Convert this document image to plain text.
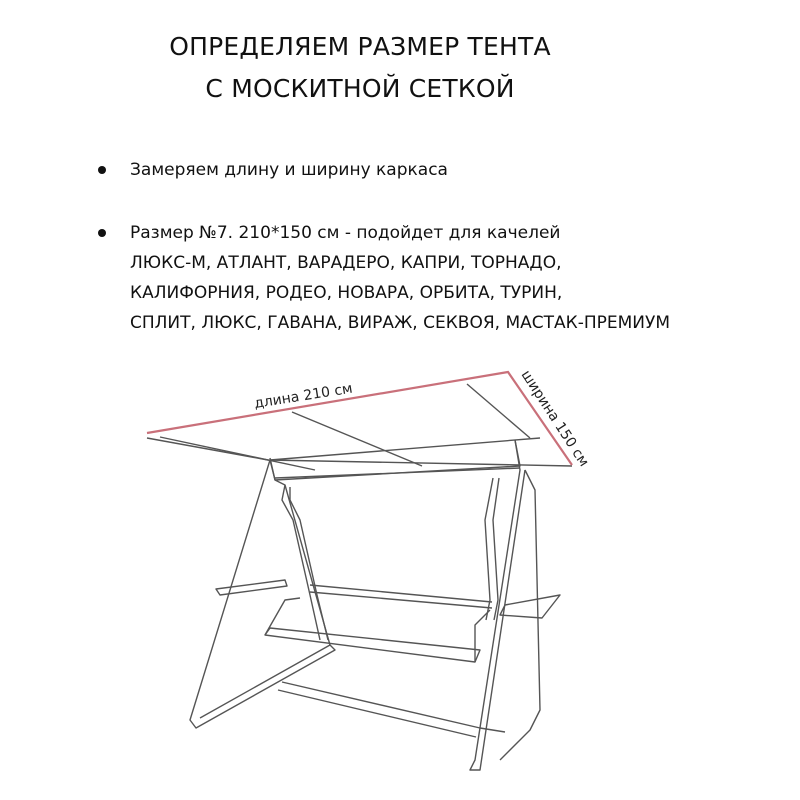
ОПРЕДЕЛЯЕМ РАЗМЕР ТЕНТА
С МОСКИТНОЙ СЕТКОЙ
Замеряем длину и ширину каркаса
Размер №7. 210*150 см - подойдет для качелей
ЛЮКС-М, АТЛАНТ, ВАРАДЕРО, КАПРИ, ТОРНАДО,
КАЛИФОРНИЯ, РОДЕО, НОВАРА, ОРБИТА, ТУРИН,
СПЛИТ, ЛЮКС, ГАВАНА, ВИРАЖ, СЕКВОЯ, МАСТАК-ПРЕМИУМ
длина 210 см	ширина 150 см
